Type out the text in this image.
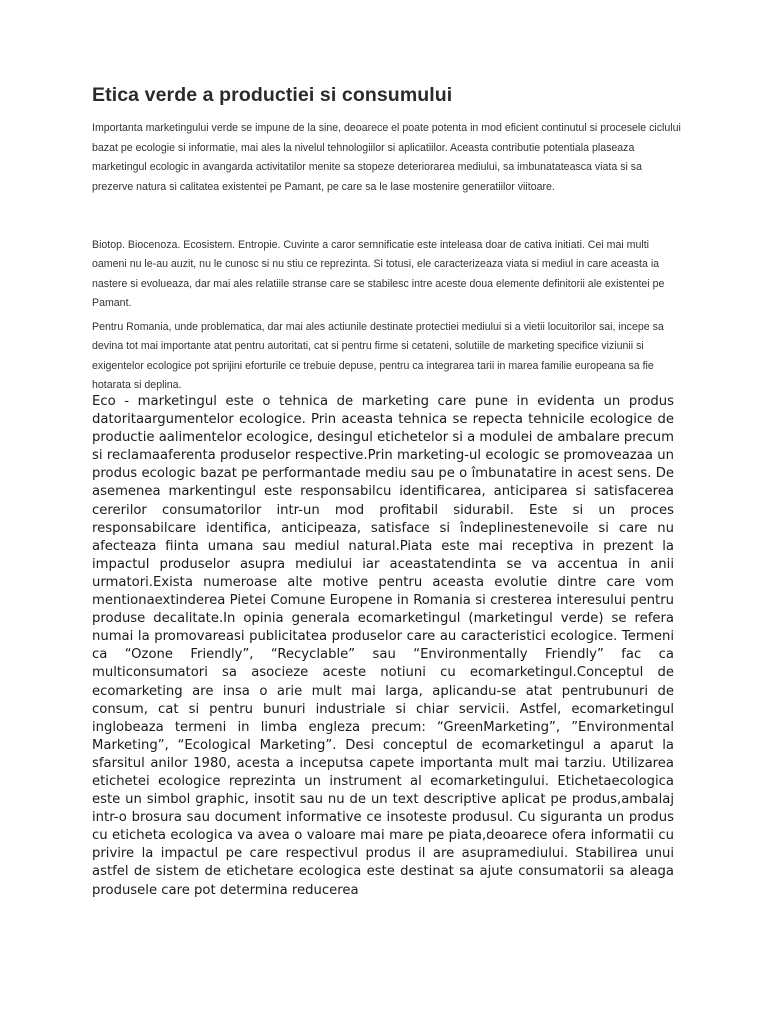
Etica verde a productiei si consumului

Importanta marketingului verde se impune de la sine, deoarece el poate potenta in mod eficient continutul si procesele ciclului bazat pe ecologie si informatie, mai ales la nivelul tehnologiilor si aplicatiilor. Aceasta contributie potentiala plaseaza marketingul ecologic in avangarda activitatilor menite sa stopeze deteriorarea mediului, sa imbunatateasca viata si sa prezerve natura si calitatea existentei pe Pamant, pe care sa le lase mostenire generatiilor viitoare.

Biotop. Biocenoza. Ecosistem. Entropie. Cuvinte a caror semnificatie este inteleasa doar de cativa initiati. Cei mai multi oameni nu le-au auzit, nu le cunosc si nu stiu ce reprezinta. Si totusi, ele caracterizeaza viata si mediul in care aceasta ia nastere si evolueaza, dar mai ales relatiile stranse care se stabilesc intre aceste doua elemente definitorii ale existentei pe Pamant.

Pentru Romania, unde problematica, dar mai ales actiunile destinate protectiei mediului si a vietii locuitorilor sai, incepe sa devina tot mai importante atat pentru autoritati, cat si pentru firme si cetateni, solutiile de marketing specifice viziunii si exigentelor ecologice pot sprijini eforturile ce trebuie depuse, pentru ca integrarea tarii in marea familie europeana sa fie hotarata si deplina.

Eco - marketingul este o tehnica de marketing care pune in evidenta un produs datoritaargumentelor ecologice. Prin aceasta tehnica se repecta tehnicile ecologice de productie aalimentelor ecologice, desingul etichetelor si a modulei de ambalare precum si reclamaaferenta produselor respective.Prin marketing-ul ecologic se promoveazaa un produs ecologic bazat pe performantade mediu sau pe o îmbunatatire in acest sens. De asemenea markentingul este responsabilcu identificarea, anticiparea si satisfacerea cererilor consumatorilor intr-un mod profitabil sidurabil. Este si un proces responsabilcare identifica, anticipeaza, satisface si îndeplinestenevoile si care nu afecteaza fiinta umana sau mediul natural.Piata este mai receptiva in prezent la impactul produselor asupra mediului iar aceastatendinta se va accentua in anii urmatori.Exista numeroase alte motive pentru aceasta evolutie dintre care vom mentionaextinderea Pietei Comune Europene in Romania si cresterea interesului pentru produse decalitate.In opinia generala ecomarketingul (marketingul verde) se refera numai la promovareasi publicitatea produselor care au caracteristici ecologice. Termeni ca “Ozone Friendly”, “Recyclable” sau “Environmentally Friendly” fac ca multiconsumatori sa asocieze aceste notiuni cu ecomarketingul.Conceptul de ecomarketing are insa o arie mult mai larga, aplicandu-se atat pentrubunuri de consum, cat si pentru bunuri industriale si chiar servicii. Astfel, ecomarketingul inglobeaza termeni in limba engleza precum: “GreenMarketing”, ”Environmental Marketing”, “Ecological Marketing”. Desi conceptul de ecomarketingul a aparut la sfarsitul anilor 1980, acesta a inceputsa capete importanta mult mai tarziu. Utilizarea etichetei ecologice reprezinta un instrument al ecomarketingului. Etichetaecologica este un simbol graphic, insotit sau nu de un text descriptive aplicat pe produs,ambalaj intr-o brosura sau document informative ce insoteste produsul. Cu siguranta un produs cu eticheta ecologica va avea o valoare mai mare pe piata,deoarece ofera informatii cu privire la impactul pe care respectivul produs il are asupramediului. Stabilirea unui astfel de sistem de etichetare ecologica este destinat sa ajute consumatorii sa aleaga produsele care pot determina reducerea
